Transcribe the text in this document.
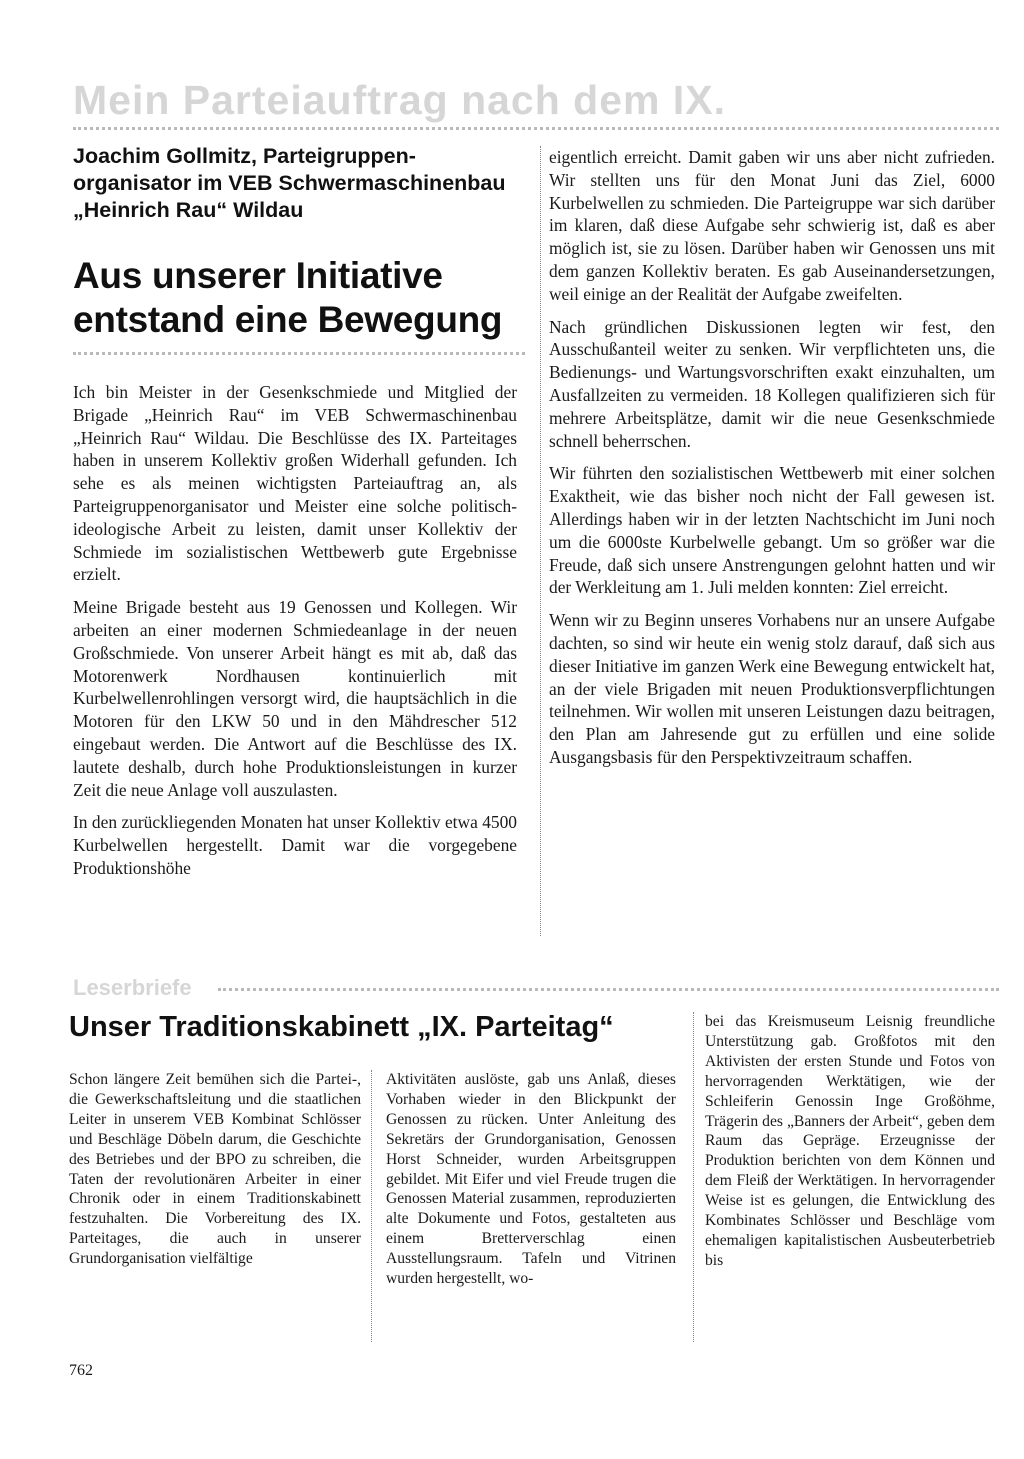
Mein Parteiauftrag nach dem IX.
Joachim Gollmitz, Parteigruppen-
organisator im VEB Schwermaschinenbau
„Heinrich Rau“ Wildau
Aus unserer Initiative
entstand eine Bewegung

Ich bin Meister in der Gesenkschmiede und Mitglied der Brigade „Heinrich Rau“ im VEB Schwermaschinenbau „Heinrich Rau“ Wildau. Die Beschlüsse des IX. Parteitages haben in unserem Kollektiv großen Widerhall gefunden. Ich sehe es als meinen wichtigsten Parteiauftrag an, als Parteigruppenorganisator und Meister eine solche politisch-ideologische Arbeit zu leisten, damit unser Kollektiv der Schmiede im sozialistischen Wettbewerb gute Ergebnisse erzielt.

Meine Brigade besteht aus 19 Genossen und Kollegen. Wir arbeiten an einer modernen Schmiedeanlage in der neuen Großschmiede. Von unserer Arbeit hängt es mit ab, daß das Motorenwerk Nordhausen kontinuierlich mit Kurbelwellenrohlingen versorgt wird, die hauptsächlich in die Motoren für den LKW 50 und in den Mähdrescher 512 eingebaut werden. Die Antwort auf die Beschlüsse des IX. lautete deshalb, durch hohe Produktionsleistungen in kurzer Zeit die neue Anlage voll auszulasten.

In den zurückliegenden Monaten hat unser Kollektiv etwa 4500 Kurbelwellen hergestellt. Damit war die vorgegebene Produktionshöhe

eigentlich erreicht. Damit gaben wir uns aber nicht zufrieden. Wir stellten uns für den Monat Juni das Ziel, 6000 Kurbelwellen zu schmieden. Die Parteigruppe war sich darüber im klaren, daß diese Aufgabe sehr schwierig ist, daß es aber möglich ist, sie zu lösen. Darüber haben wir Genossen uns mit dem ganzen Kollektiv beraten. Es gab Auseinandersetzungen, weil einige an der Realität der Aufgabe zweifelten.

Nach gründlichen Diskussionen legten wir fest, den Ausschußanteil weiter zu senken. Wir verpflichteten uns, die Bedienungs- und Wartungsvorschriften exakt einzuhalten, um Ausfallzeiten zu vermeiden. 18 Kollegen qualifizieren sich für mehrere Arbeitsplätze, damit wir die neue Gesenkschmiede schnell beherrschen.

Wir führten den sozialistischen Wettbewerb mit einer solchen Exaktheit, wie das bisher noch nicht der Fall gewesen ist. Allerdings haben wir in der letzten Nachtschicht im Juni noch um die 6000ste Kurbelwelle gebangt. Um so größer war die Freude, daß sich unsere Anstrengungen gelohnt hatten und wir der Werkleitung am 1. Juli melden konnten: Ziel erreicht.

Wenn wir zu Beginn unseres Vorhabens nur an unsere Aufgabe dachten, so sind wir heute ein wenig stolz darauf, daß sich aus dieser Initiative im ganzen Werk eine Bewegung entwickelt hat, an der viele Brigaden mit neuen Produktionsverpflichtungen teilnehmen. Wir wollen mit unseren Leistungen dazu beitragen, den Plan am Jahresende gut zu erfüllen und eine solide Ausgangsbasis für den Perspektivzeitraum schaffen.

Leserbriefe
Unser Traditionskabinett „IX. Parteitag“

Schon längere Zeit bemühen sich die Partei-, die Gewerkschaftsleitung und die staatlichen Leiter in unserem VEB Kombinat Schlösser und Beschläge Döbeln darum, die Geschichte des Betriebes und der BPO zu schreiben, die Taten der revolutionären Arbeiter in einer Chronik oder in einem Traditionskabinett festzuhalten. Die Vorbereitung des IX. Parteitages, die auch in unserer Grundorganisation vielfältige

Aktivitäten auslöste, gab uns Anlaß, dieses Vorhaben wieder in den Blickpunkt der Genossen zu rücken. Unter Anleitung des Sekretärs der Grundorganisation, Genossen Horst Schneider, wurden Arbeitsgruppen gebildet. Mit Eifer und viel Freude trugen die Genossen Material zusammen, reproduzierten alte Dokumente und Fotos, gestalteten aus einem Bretterverschlag einen Ausstellungsraum. Tafeln und Vitrinen wurden hergestellt, wo-

bei das Kreismuseum Leisnig freundliche Unterstützung gab. Großfotos mit den Aktivisten der ersten Stunde und Fotos von hervorragenden Werktätigen, wie der Schleiferin Genossin Inge Großöhme, Trägerin des „Banners der Arbeit“, geben dem Raum das Gepräge. Erzeugnisse der Produktion berichten von dem Können und dem Fleiß der Werktätigen. In hervorragender Weise ist es gelungen, die Entwicklung des Kombinates Schlösser und Beschläge vom ehemaligen kapitalistischen Ausbeuterbetrieb bis

762
